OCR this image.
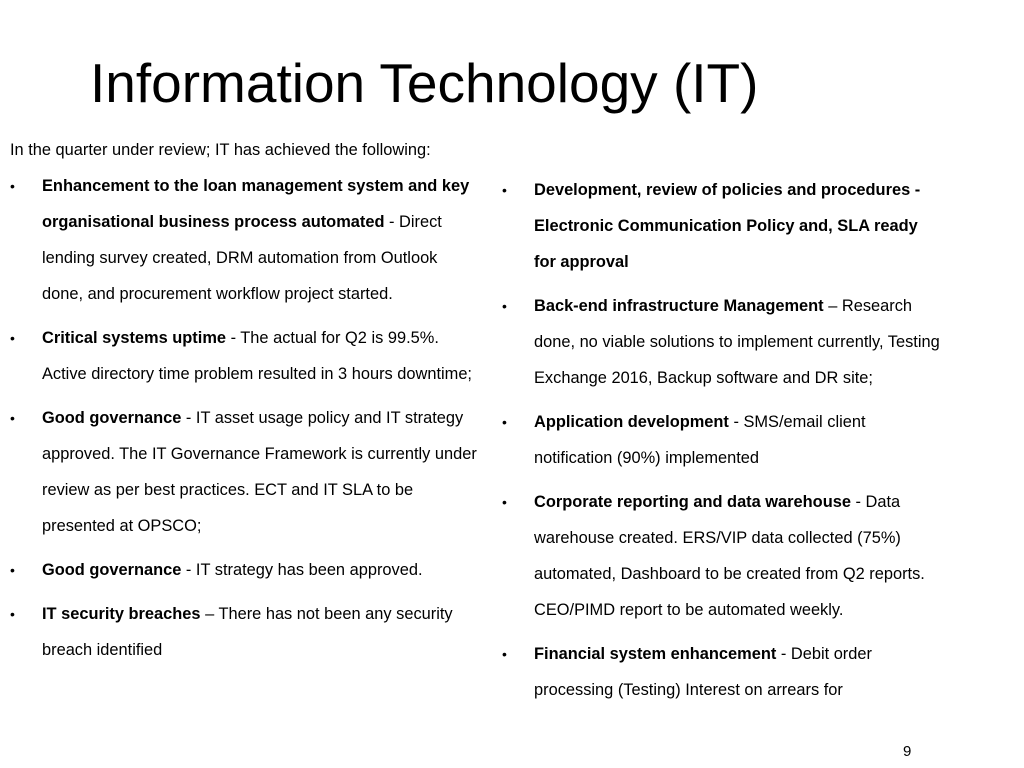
Information Technology (IT)

In the quarter under review; IT has achieved the following:

• Enhancement to the loan management system and key organisational business process automated - Direct lending survey created, DRM automation from Outlook done, and procurement workflow project started.
• Critical systems uptime - The actual for Q2 is 99.5%. Active directory time problem resulted in 3 hours downtime;
• Good governance - IT asset usage policy and IT strategy approved. The IT Governance Framework is currently under review as per best practices. ECT and IT SLA to be presented at OPSCO;
• Good governance - IT strategy has been approved.
• IT security breaches – There has not been any security breach identified
• Development, review of policies and procedures - Electronic Communication Policy and, SLA ready for approval
• Back-end infrastructure Management – Research done, no viable solutions to implement currently, Testing Exchange 2016, Backup software and DR site;
• Application development - SMS/email client notification (90%) implemented
• Corporate reporting and data warehouse - Data warehouse created. ERS/VIP data collected (75%) automated, Dashboard to be created from Q2 reports. CEO/PIMD report to be automated weekly.
• Financial system enhancement - Debit order processing (Testing) Interest on arrears for
9
